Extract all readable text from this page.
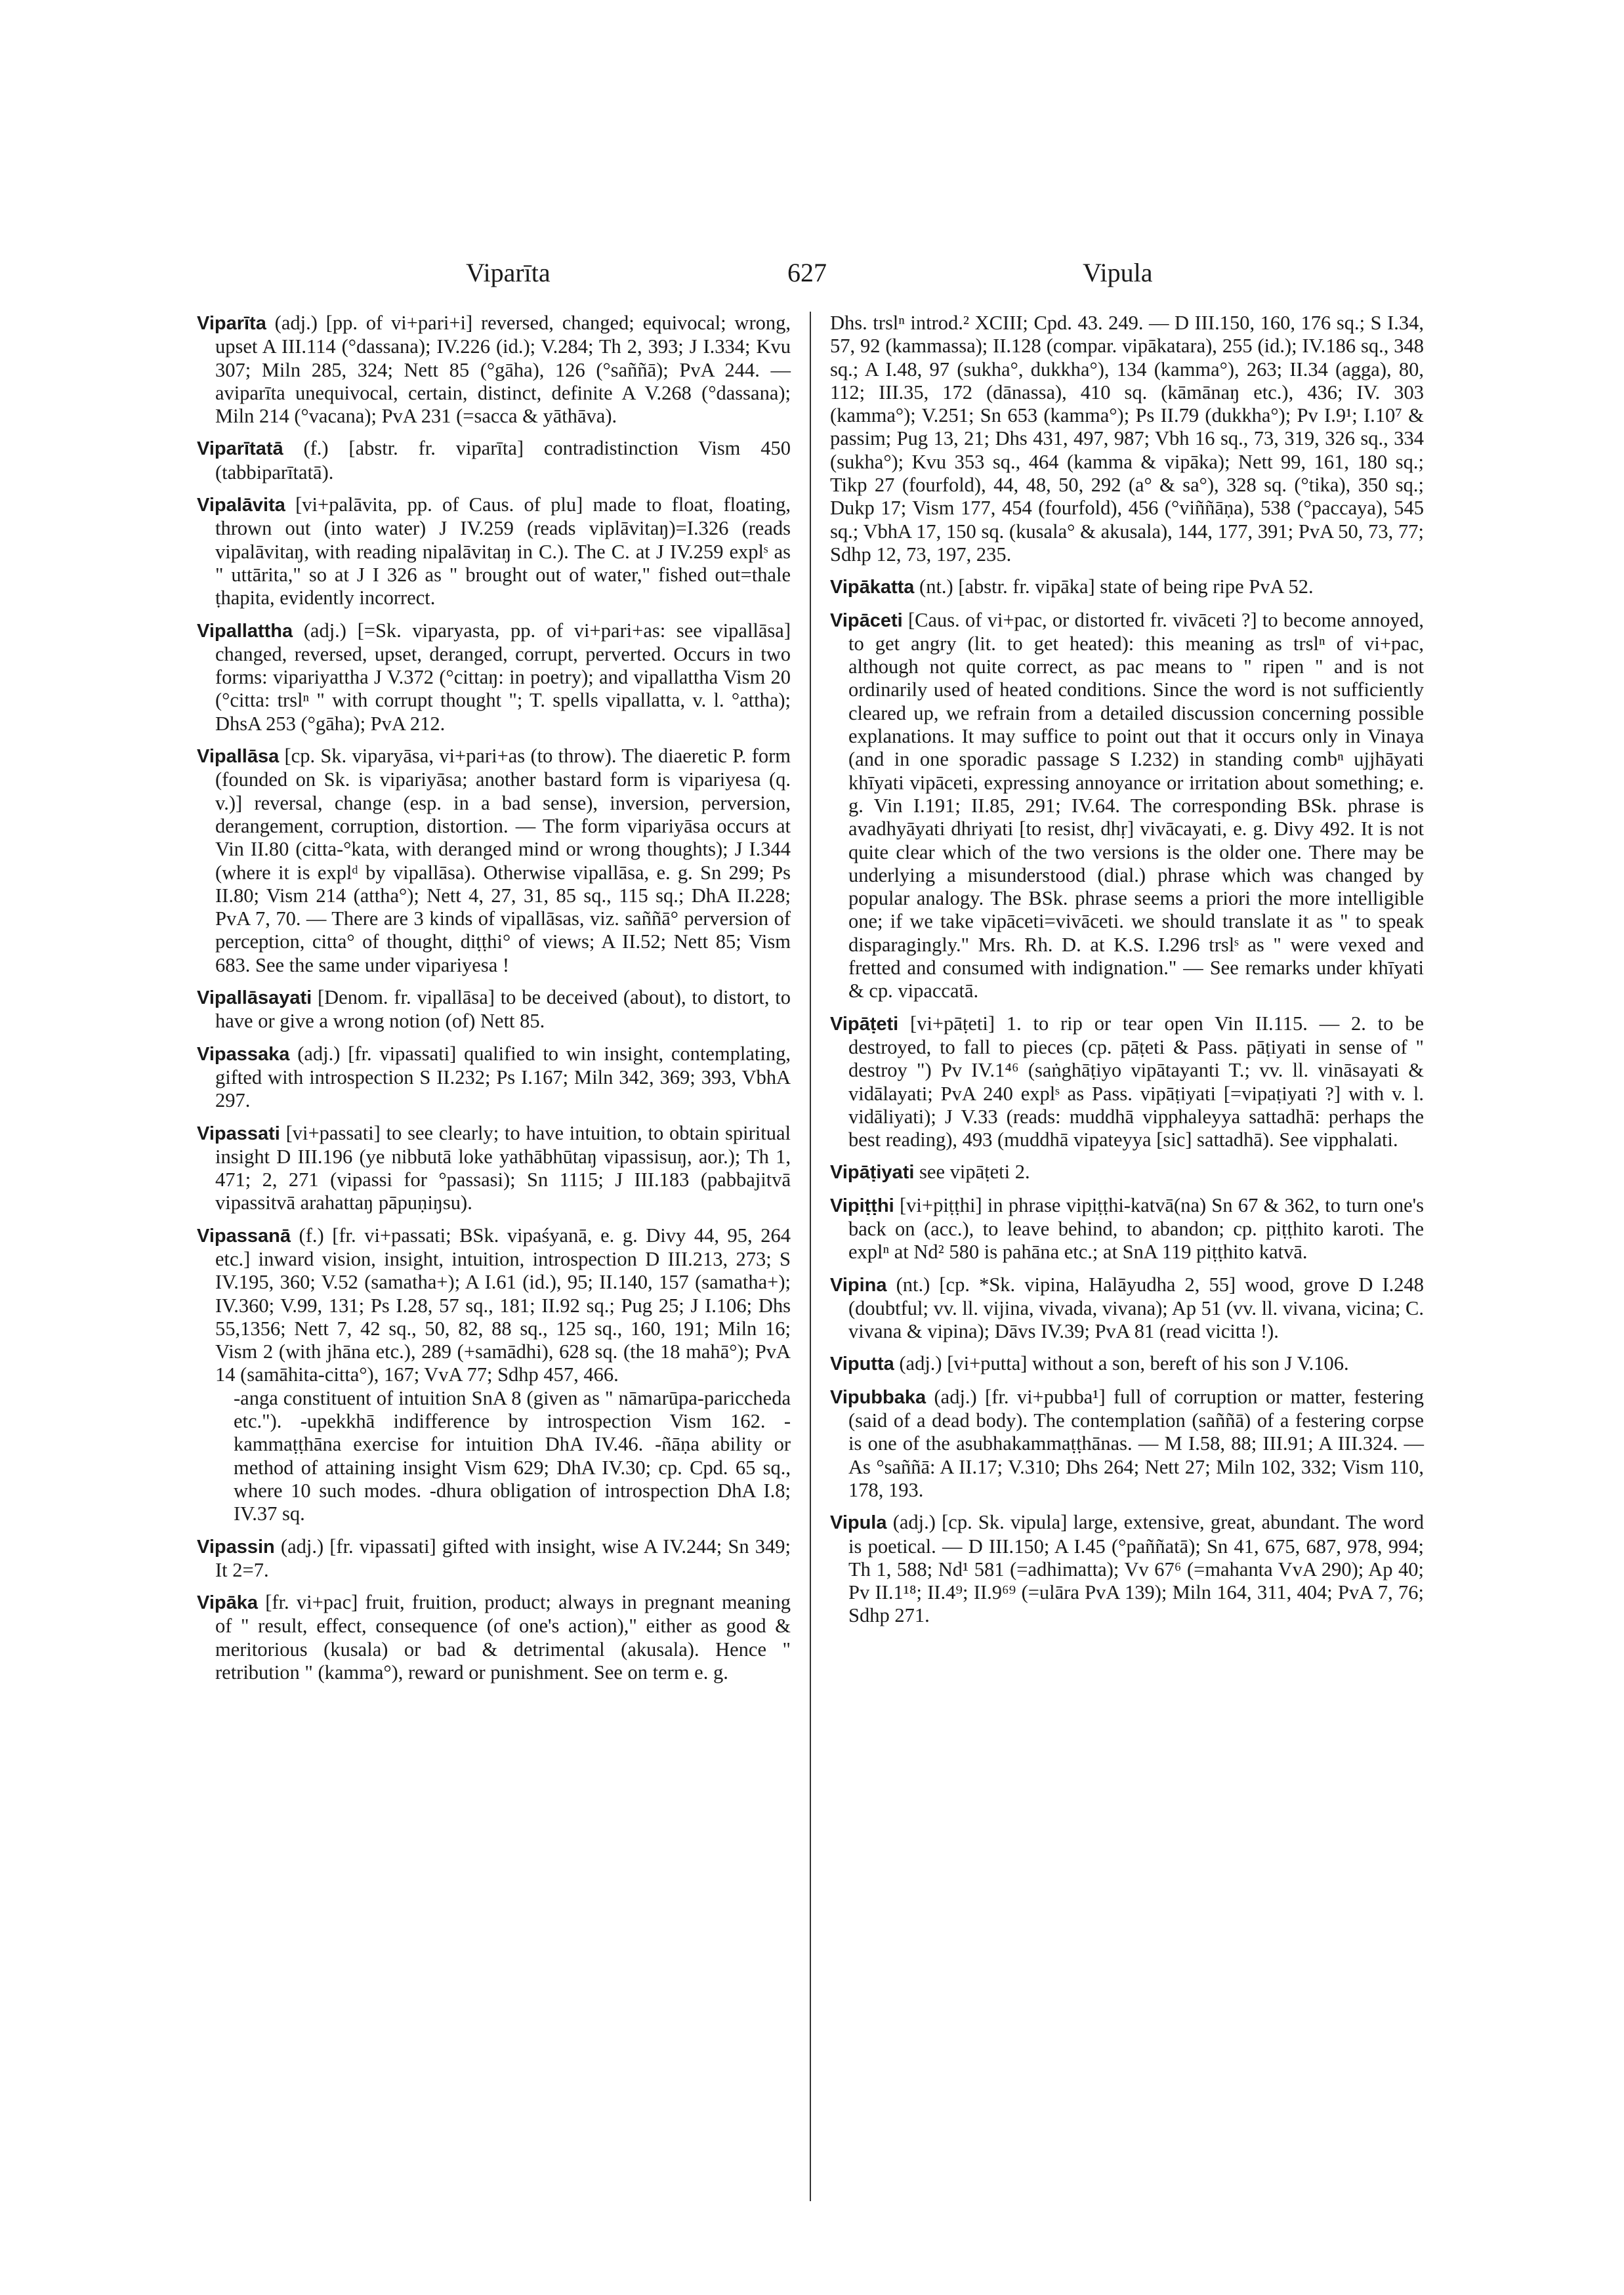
Viparīta	627	Vipula

Viparīta (adj.) [pp. of vi+pari+i] reversed, changed; equivocal; wrong, upset A III.114 (°dassana); IV.226 (id.); V.284; Th 2, 393; J I.334; Kvu 307; Miln 285, 324; Nett 85 (°gāha), 126 (°saññā); PvA 244. — aviparīta unequivocal, certain, distinct, definite A V.268 (°dassana); Miln 214 (°vacana); PvA 231 (=sacca & yāthāva).

Viparītatā (f.) [abstr. fr. viparīta] contradistinction Vism 450 (tabbiparītatā).

Vipalāvita [vi+palāvita, pp. of Caus. of plu] made to float, floating, thrown out (into water) J IV.259 (reads viplāvitaŋ)=I.326 (reads vipalāvitaŋ, with reading nipalāvitaŋ in C.). The C. at J IV.259 explˢ as " uttārita," so at J I 326 as " brought out of water," fished out=thale ṭhapita, evidently incorrect.

Vipallattha (adj.) [=Sk. viparyasta, pp. of vi+pari+as: see vipallāsa] changed, reversed, upset, deranged, corrupt, perverted. Occurs in two forms: vipariyattha J V.372 (°cittaŋ: in poetry); and vipallattha Vism 20 (°citta: trslⁿ " with corrupt thought "; T. spells vipallatta, v. l. °attha); DhsA 253 (°gāha); PvA 212.

Vipallāsa [cp. Sk. viparyāsa, vi+pari+as (to throw). The diaeretic P. form (founded on Sk. is vipariyāsa; another bastard form is vipariyesa (q. v.)] reversal, change (esp. in a bad sense), inversion, perversion, derangement, corruption, distortion. — The form vipariyāsa occurs at Vin II.80 (citta-°kata, with deranged mind or wrong thoughts); J I.344 (where it is explᵈ by vipallāsa). Otherwise vipallāsa, e. g. Sn 299; Ps II.80; Vism 214 (attha°); Nett 4, 27, 31, 85 sq., 115 sq.; DhA II.228; PvA 7, 70. — There are 3 kinds of vipallāsas, viz. saññā° perversion of perception, citta° of thought, diṭṭhi° of views; A II.52; Nett 85; Vism 683. See the same under vipariyesa !

Vipallāsayati [Denom. fr. vipallāsa] to be deceived (about), to distort, to have or give a wrong notion (of) Nett 85.

Vipassaka (adj.) [fr. vipassati] qualified to win insight, contemplating, gifted with introspection S II.232; Ps I.167; Miln 342, 369; 393, VbhA 297.

Vipassati [vi+passati] to see clearly; to have intuition, to obtain spiritual insight D III.196 (ye nibbutā loke yathābhūtaŋ vipassisuŋ, aor.); Th 1, 471; 2, 271 (vipassi for °passasi); Sn 1115; J III.183 (pabbajitvā vipassitvā arahattaŋ pāpuṇiŋsu).

Vipassanā (f.) [fr. vi+passati; BSk. vipaśyanā, e. g. Divy 44, 95, 264 etc.] inward vision, insight, intuition, introspection D III.213, 273; S IV.195, 360; V.52 (samatha+); A I.61 (id.), 95; II.140, 157 (samatha+); IV.360; V.99, 131; Ps I.28, 57 sq., 181; II.92 sq.; Pug 25; J I.106; Dhs 55,1356; Nett 7, 42 sq., 50, 82, 88 sq., 125 sq., 160, 191; Miln 16; Vism 2 (with jhāna etc.), 289 (+samādhi), 628 sq. (the 18 mahā°); PvA 14 (samāhita-citta°), 167; VvA 77; Sdhp 457, 466.
-anga constituent of intuition SnA 8 (given as " nāmarūpa-pariccheda etc."). -upekkhā indifference by introspection Vism 162. -kammaṭṭhāna exercise for intuition DhA IV.46. -ñāṇa ability or method of attaining insight Vism 629; DhA IV.30; cp. Cpd. 65 sq., where 10 such modes. -dhura obligation of introspection DhA I.8; IV.37 sq.

Vipassin (adj.) [fr. vipassati] gifted with insight, wise A IV.244; Sn 349; It 2=7.

Vipāka [fr. vi+pac] fruit, fruition, product; always in pregnant meaning of " result, effect, consequence (of one's action)," either as good & meritorious (kusala) or bad & detrimental (akusala). Hence " retribution " (kamma°), reward or punishment. See on term e. g.

Dhs. trslⁿ introd.² XCIII; Cpd. 43. 249. — D III.150, 160, 176 sq.; S I.34, 57, 92 (kammassa); II.128 (compar. vipākatara), 255 (id.); IV.186 sq., 348 sq.; A I.48, 97 (sukha°, dukkha°), 134 (kamma°), 263; II.34 (agga), 80, 112; III.35, 172 (dānassa), 410 sq. (kāmānaŋ etc.), 436; IV. 303 (kamma°); V.251; Sn 653 (kamma°); Ps II.79 (dukkha°); Pv I.9¹; I.10⁷ & passim; Pug 13, 21; Dhs 431, 497, 987; Vbh 16 sq., 73, 319, 326 sq., 334 (sukha°); Kvu 353 sq., 464 (kamma & vipāka); Nett 99, 161, 180 sq.; Tikp 27 (fourfold), 44, 48, 50, 292 (a° & sa°), 328 sq. (°tika), 350 sq.; Dukp 17; Vism 177, 454 (fourfold), 456 (°viññāṇa), 538 (°paccaya), 545 sq.; VbhA 17, 150 sq. (kusala° & akusala), 144, 177, 391; PvA 50, 73, 77; Sdhp 12, 73, 197, 235.

Vipākatta (nt.) [abstr. fr. vipāka] state of being ripe PvA 52.

Vipāceti [Caus. of vi+pac, or distorted fr. vivāceti ?] to become annoyed, to get angry (lit. to get heated): this meaning as trslⁿ of vi+pac, although not quite correct, as pac means to " ripen " and is not ordinarily used of heated conditions. Since the word is not sufficiently cleared up, we refrain from a detailed discussion concerning possible explanations. It may suffice to point out that it occurs only in Vinaya (and in one sporadic passage S I.232) in standing combⁿ ujjhāyati khīyati vipāceti, expressing annoyance or irritation about something; e. g. Vin I.191; II.85, 291; IV.64. The corresponding BSk. phrase is avadhyāyati dhriyati [to resist, dhṛ] vivācayati, e. g. Divy 492. It is not quite clear which of the two versions is the older one. There may be underlying a misunderstood (dial.) phrase which was changed by popular analogy. The BSk. phrase seems a priori the more intelligible one; if we take vipāceti=vivāceti. we should translate it as " to speak disparagingly." Mrs. Rh. D. at K.S. I.296 trslˢ as " were vexed and fretted and consumed with indignation." — See remarks under khīyati & cp. vipaccatā.

Vipāṭeti [vi+pāṭeti] 1. to rip or tear open Vin II.115. — 2. to be destroyed, to fall to pieces (cp. pāṭeti & Pass. pāṭiyati in sense of " destroy ") Pv IV.1⁴⁶ (saṅghāṭiyo vipātayanti T.; vv. ll. vināsayati & vidālayati; PvA 240 explˢ as Pass. vipāṭiyati [=vipaṭiyati ?] with v. l. vidāliyati); J V.33 (reads: muddhā vipphaleyya sattadhā: perhaps the best reading), 493 (muddhā vipateyya [sic] sattadhā). See vipphalati.

Vipāṭiyati see vipāṭeti 2.

Vipiṭṭhi [vi+piṭṭhi] in phrase vipiṭṭhi-katvā(na) Sn 67 & 362, to turn one's back on (acc.), to leave behind, to abandon; cp. piṭṭhito karoti. The explⁿ at Nd² 580 is pahāna etc.; at SnA 119 piṭṭhito katvā.

Vipina (nt.) [cp. *Sk. vipina, Halāyudha 2, 55] wood, grove D I.248 (doubtful; vv. ll. vijina, vivada, vivana); Ap 51 (vv. ll. vivana, vicina; C. vivana & vipina); Dāvs IV.39; PvA 81 (read vicitta !).

Viputta (adj.) [vi+putta] without a son, bereft of his son J V.106.

Vipubbaka (adj.) [fr. vi+pubba¹] full of corruption or matter, festering (said of a dead body). The contemplation (saññā) of a festering corpse is one of the asubhakammaṭṭhānas. — M I.58, 88; III.91; A III.324. — As °saññā: A II.17; V.310; Dhs 264; Nett 27; Miln 102, 332; Vism 110, 178, 193.

Vipula (adj.) [cp. Sk. vipula] large, extensive, great, abundant. The word is poetical. — D III.150; A I.45 (°paññatā); Sn 41, 675, 687, 978, 994; Th 1, 588; Nd¹ 581 (=adhimatta); Vv 67⁶ (=mahanta VvA 290); Ap 40; Pv II.1¹⁸; II.4⁹; II.9⁶⁹ (=ulāra PvA 139); Miln 164, 311, 404; PvA 7, 76; Sdhp 271.
